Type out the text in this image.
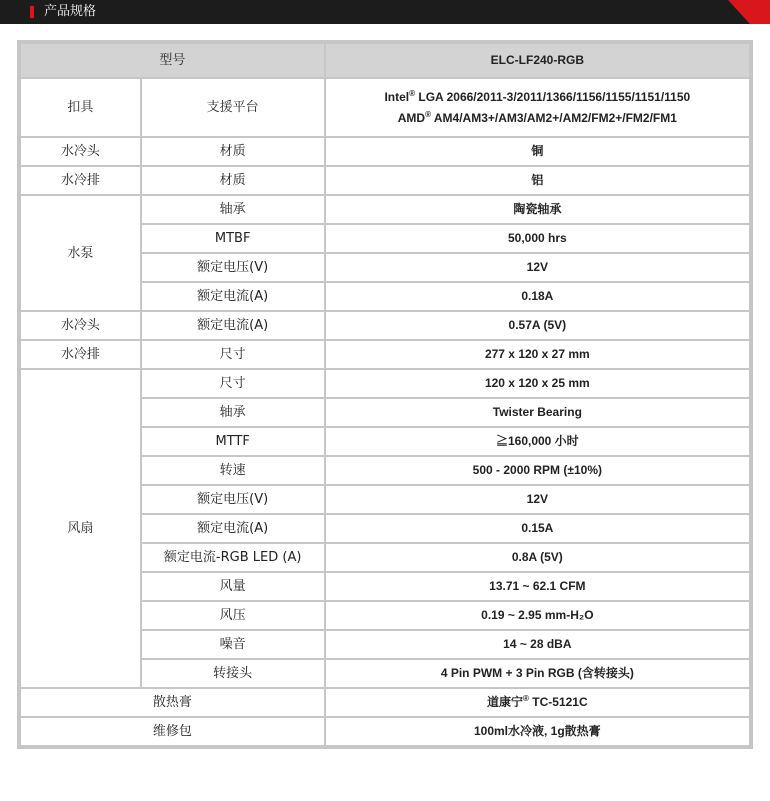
产品规格
型号		ELC-LF240-RGB
扣具	支援平台	Intel® LGA 2066/2011-3/2011/1366/1156/1155/1151/1150
AMD® AM4/AM3+/AM3/AM2+/AM2/FM2+/FM2/FM1

水冷头	材质	铜
水冷排	材质	铝
水泵	轴承	陶瓷轴承
	MTBF	50,000 hrs
	额定电压(V)	12V
	额定电流(A)	0.18A
水冷头	额定电流(A)	0.57A (5V)
水冷排	尺寸	277 x 120 x 27 mm
风扇	尺寸	120 x 120 x 25 mm
	轴承	Twister Bearing
	MTTF	≧160,000 小时
	转速	500 - 2000 RPM (±10%)
	额定电压(V)	12V
	额定电流(A)	0.15A
	额定电流-RGB LED (A)	0.8A (5V)
	风量	13.71 ~ 62.1 CFM
	风压	0.19 ~ 2.95 mm-H₂O
	噪音	14 ~ 28 dBA
	转接头	4 Pin PWM + 3 Pin RGB (含转接头)
散热膏		道康宁® TC-5121C
维修包		100ml水冷液, 1g散热膏
